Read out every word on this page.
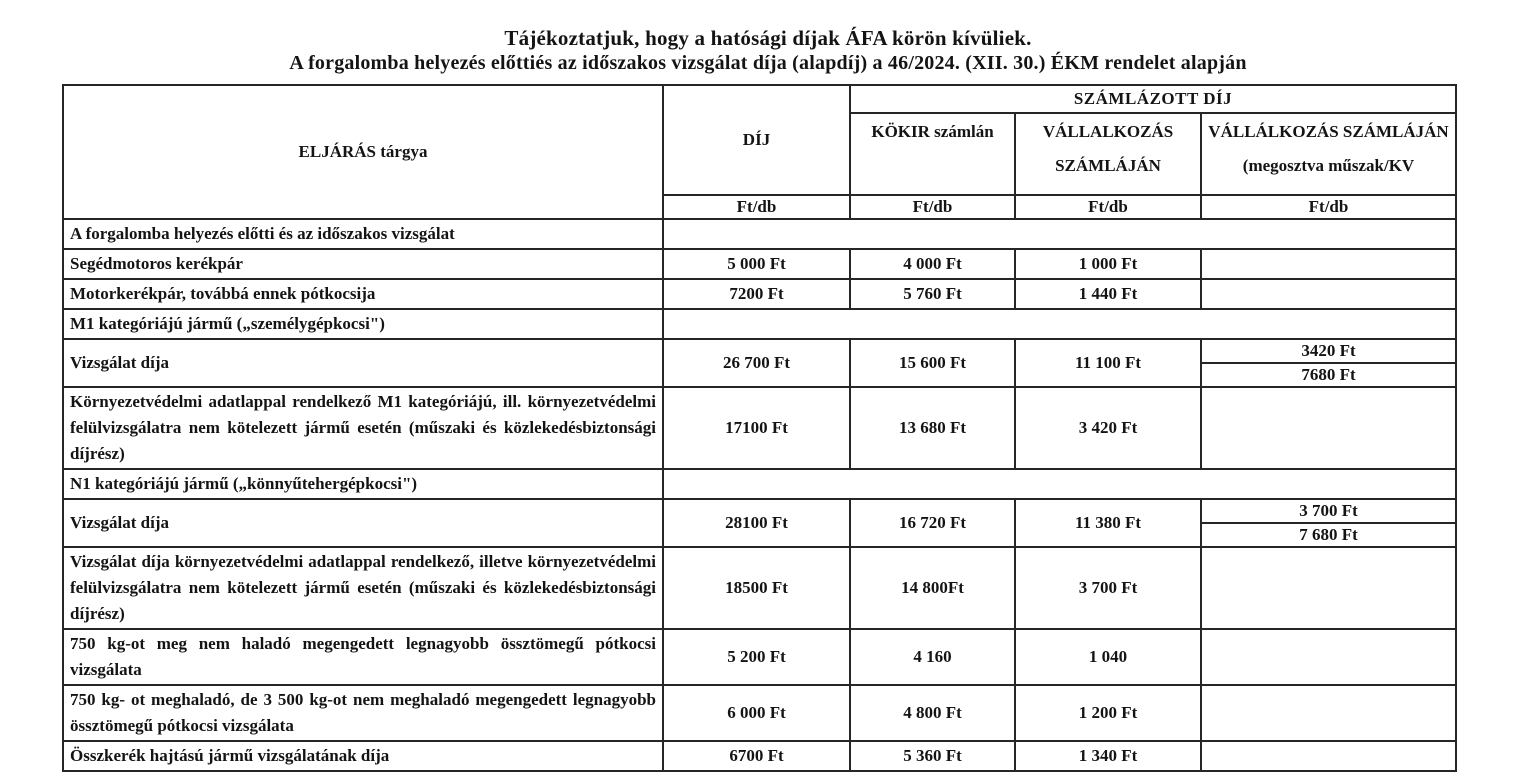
Tájékoztatjuk, hogy a hatósági díjak ÁFA körön kívüliek.
A forgalomba helyezés előttiés az időszakos vizsgálat díja (alapdíj) a 46/2024. (XII. 30.) ÉKM rendelet alapján
ELJÁRÁS tárgya	DÍJ	SZÁMLÁZOTT DÍJ		
		KÖKIR számlán	VÁLLALKOZÁS SZÁMLÁJÁN	VÁLLÁLKOZÁS SZÁMLÁJÁN (megosztva műszak/KV
	Ft/db	Ft/db	Ft/db	Ft/db
A forgalomba helyezés előtti és az időszakos vizsgálat				
Segédmotoros kerékpár	5 000 Ft	4 000 Ft	1 000 Ft	
Motorkerékpár, továbbá ennek pótkocsija	7200 Ft	5 760 Ft	1 440 Ft	
M1 kategóriájú jármű („személygépkocsi")				
Vizsgálat díja	26 700 Ft	15 600 Ft	11 100 Ft	3420 Ft
				7680 Ft
Környezetvédelmi adatlappal rendelkező M1 kategóriájú, ill. környezetvédelmi felülvizsgálatra nem kötelezett jármű esetén (műszaki és közlekedésbiztonsági díjrész)	17100 Ft	13 680 Ft	3 420 Ft	
N1 kategóriájú jármű („könnyűtehergépkocsi")				
Vizsgálat díja	28100 Ft	16 720 Ft	11 380 Ft	3 700 Ft
				7 680 Ft
Vizsgálat díja környezetvédelmi adatlappal rendelkező, illetve környezetvédelmi felülvizsgálatra nem kötelezett jármű esetén (műszaki és közlekedésbiztonsági díjrész)	18500 Ft	14 800Ft	3 700 Ft	
750 kg-ot meg nem haladó megengedett legnagyobb össztömegű pótkocsi vizsgálata	5 200 Ft	4 160	1 040	
750 kg- ot meghaladó, de 3 500 kg-ot nem meghaladó megengedett legnagyobb össztömegű pótkocsi vizsgálata	6 000 Ft	4 800 Ft	1 200 Ft	
Összkerék hajtású jármű vizsgálatának díja	6700 Ft	5 360 Ft	1 340 Ft	
